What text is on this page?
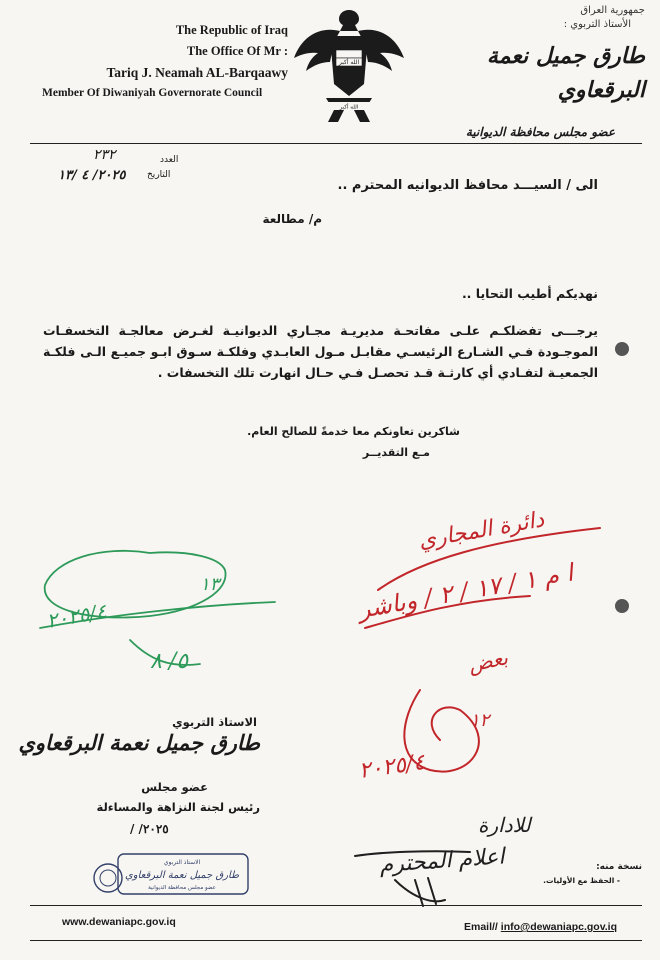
The Republic of Iraq
The Office Of Mr :
Tariq J. Neamah AL-Barqaawy
Member Of Diwaniyah Governorate Council
الله أكبر
الله أكبر
جمهورية العراق
الأستاذ التربوي :
طارق جميل نعمة البرقعاوي
عضو مجلس محافظة الديوانية
العدد
٢٣٢
التاريخ
٢٠٢٥/ ٤ /١٣
الى / السيـــد محافظ الديوانيه المحترم ..
م/ مطالعة
نهديكم أطيب التحايا ..
يرجـــى تفضلكـم علـى مفاتحـة مديريـة مجـاري الديوانيـة لغـرض معالجـة التخسفـات الموجـودة فـي الشـارع الرئيسـي مقابـل مـول العابـدي وفلكـة سـوق ابـو جميـع الـى فلكـة الجمعيـة لتفـادي أي كارثـة قـد تحصـل فـي حـال انهارت تلك التخسفات .
شاكرين تعاونكم معا خدمةً للصالح العام.
مـع التقديــر
الاستاذ التربوي
طارق جميل نعمة البرقعاوي
عضو مجلس
رئيس لجنة النزاهة والمساءلة
٢٠٢٥/ /
نسخة منه:
- الحفظ مع الأوليات.
الاستاذ التربوي
طارق جميل نعمة البرقعاوي
عضو مجلس محافظة الديوانية
www.dewaniapc.gov.iq	Email// info@dewaniapc.gov.iq
دائرة المجاري
ا م ١ / ١٧ / ٢ / وباشر
بعض
١٢
٢٠٢٥/٤
١٣
٢٠٢٥/٤
٥/ ٨
للادارة
اعلام المحترم
